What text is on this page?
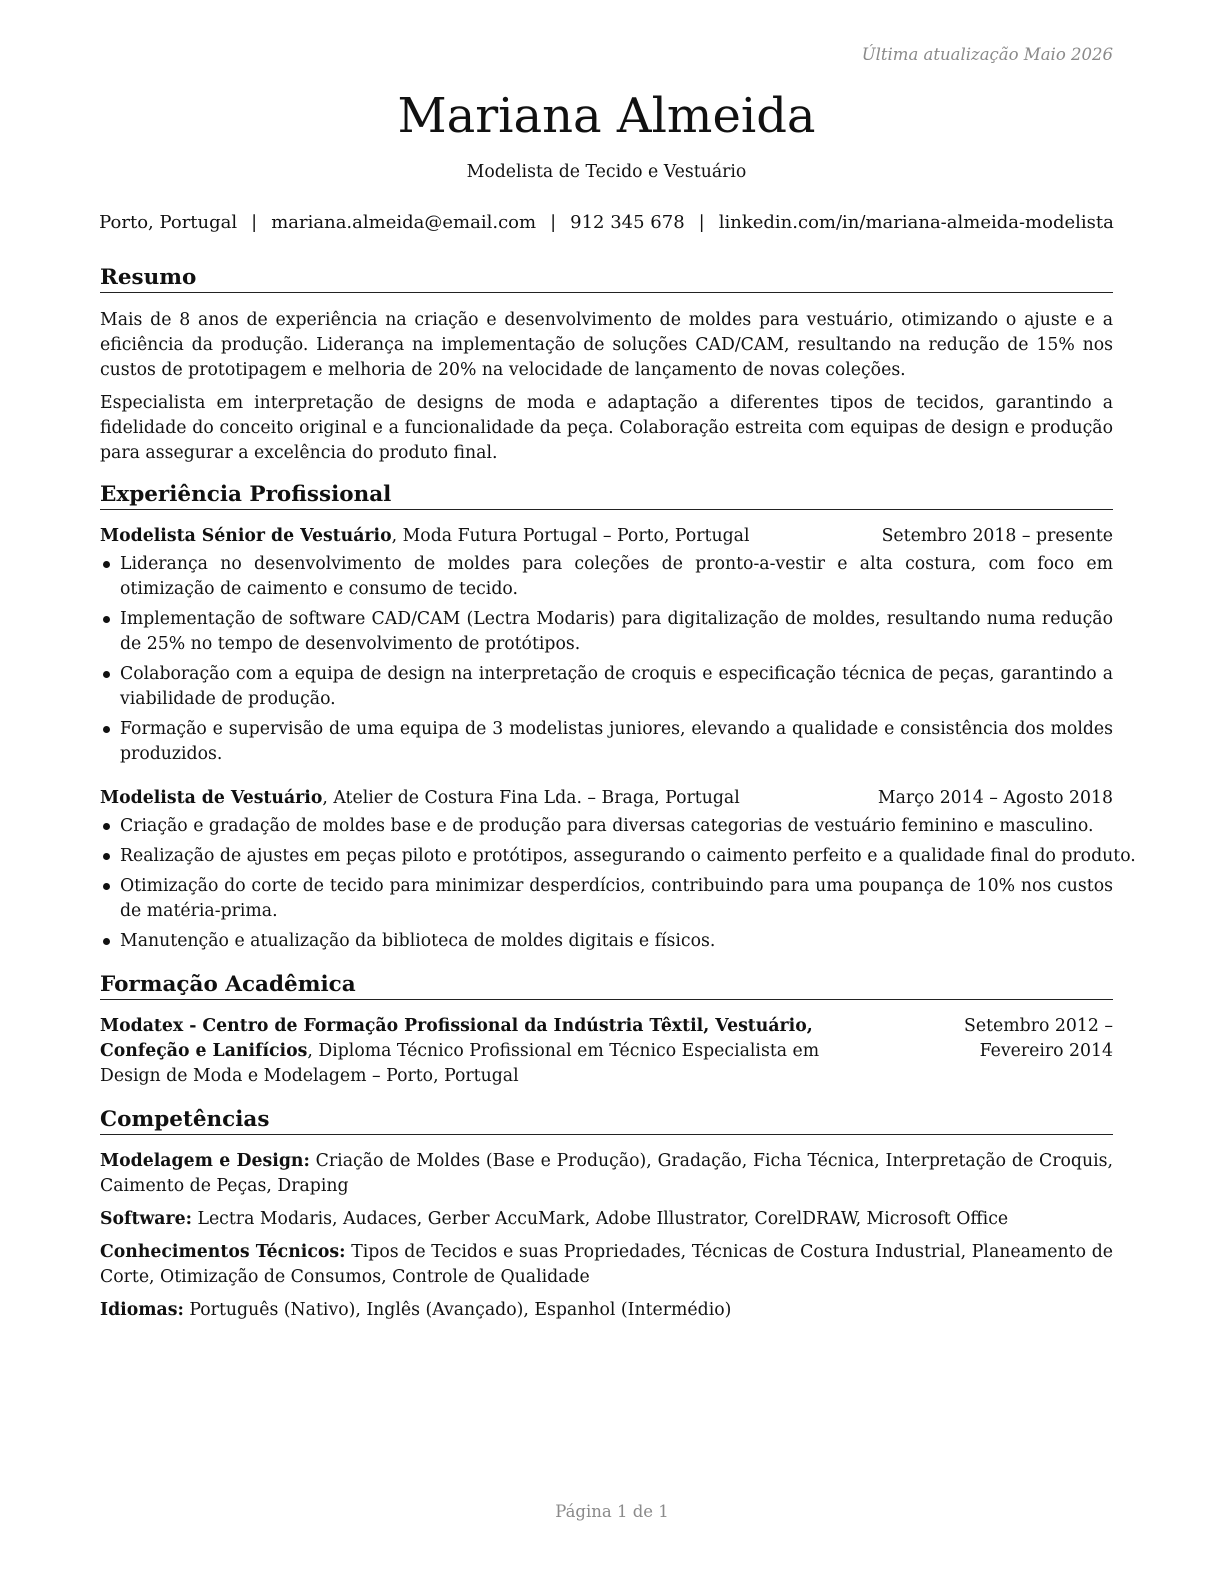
Última atualização Maio 2026
Mariana Almeida
Modelista de Tecido e Vestuário
Porto, Portugal | mariana.almeida@email.com | 912 345 678 | linkedin.com/in/mariana-almeida-modelista
Resumo

Mais de 8 anos de experiência na criação e desenvolvimento de moldes para vestuário, otimizando o ajuste e a eficiência da produção. Liderança na implementação de soluções CAD/CAM, resultando na redução de 15% nos custos de prototipagem e melhoria de 20% na velocidade de lançamento de novas coleções.

Especialista em interpretação de designs de moda e adaptação a diferentes tipos de tecidos, garantindo a fidelidade do conceito original e a funcionalidade da peça. Colaboração estreita com equipas de design e produção para assegurar a excelência do produto final.

Experiência Profissional
Modelista Sénior de Vestuário, Moda Futura Portugal – Porto, Portugal	Setembro 2018 – presente
Liderança no desenvolvimento de moldes para coleções de pronto-a-vestir e alta costura, com foco em otimização de caimento e consumo de tecido.
Implementação de software CAD/CAM (Lectra Modaris) para digitalização de moldes, resultando numa redução de 25% no tempo de desenvolvimento de protótipos.
Colaboração com a equipa de design na interpretação de croquis e especificação técnica de peças, garantindo a viabilidade de produção.
Formação e supervisão de uma equipa de 3 modelistas juniores, elevando a qualidade e consistência dos moldes produzidos.
Modelista de Vestuário, Atelier de Costura Fina Lda. – Braga, Portugal	Março 2014 – Agosto 2018
Criação e gradação de moldes base e de produção para diversas categorias de vestuário feminino e masculino.
Realização de ajustes em peças piloto e protótipos, assegurando o caimento perfeito e a qualidade final do produto.
Otimização do corte de tecido para minimizar desperdícios, contribuindo para uma poupança de 10% nos custos de matéria-prima.
Manutenção e atualização da biblioteca de moldes digitais e físicos.
Formação Acadêmica
Modatex - Centro de Formação Profissional da Indústria Têxtil, Vestuário, Confeção e Lanifícios, Diploma Técnico Profissional em Técnico Especialista em Design de Moda e Modelagem – Porto, Portugal
Setembro 2012 – Fevereiro 2014
Competências

Modelagem e Design: Criação de Moldes (Base e Produção), Gradação, Ficha Técnica, Interpretação de Croquis, Caimento de Peças, Draping

Software: Lectra Modaris, Audaces, Gerber AccuMark, Adobe Illustrator, CorelDRAW, Microsoft Office

Conhecimentos Técnicos: Tipos de Tecidos e suas Propriedades, Técnicas de Costura Industrial, Planeamento de Corte, Otimização de Consumos, Controle de Qualidade

Idiomas: Português (Nativo), Inglês (Avançado), Espanhol (Intermédio)

Página 1 de 1
